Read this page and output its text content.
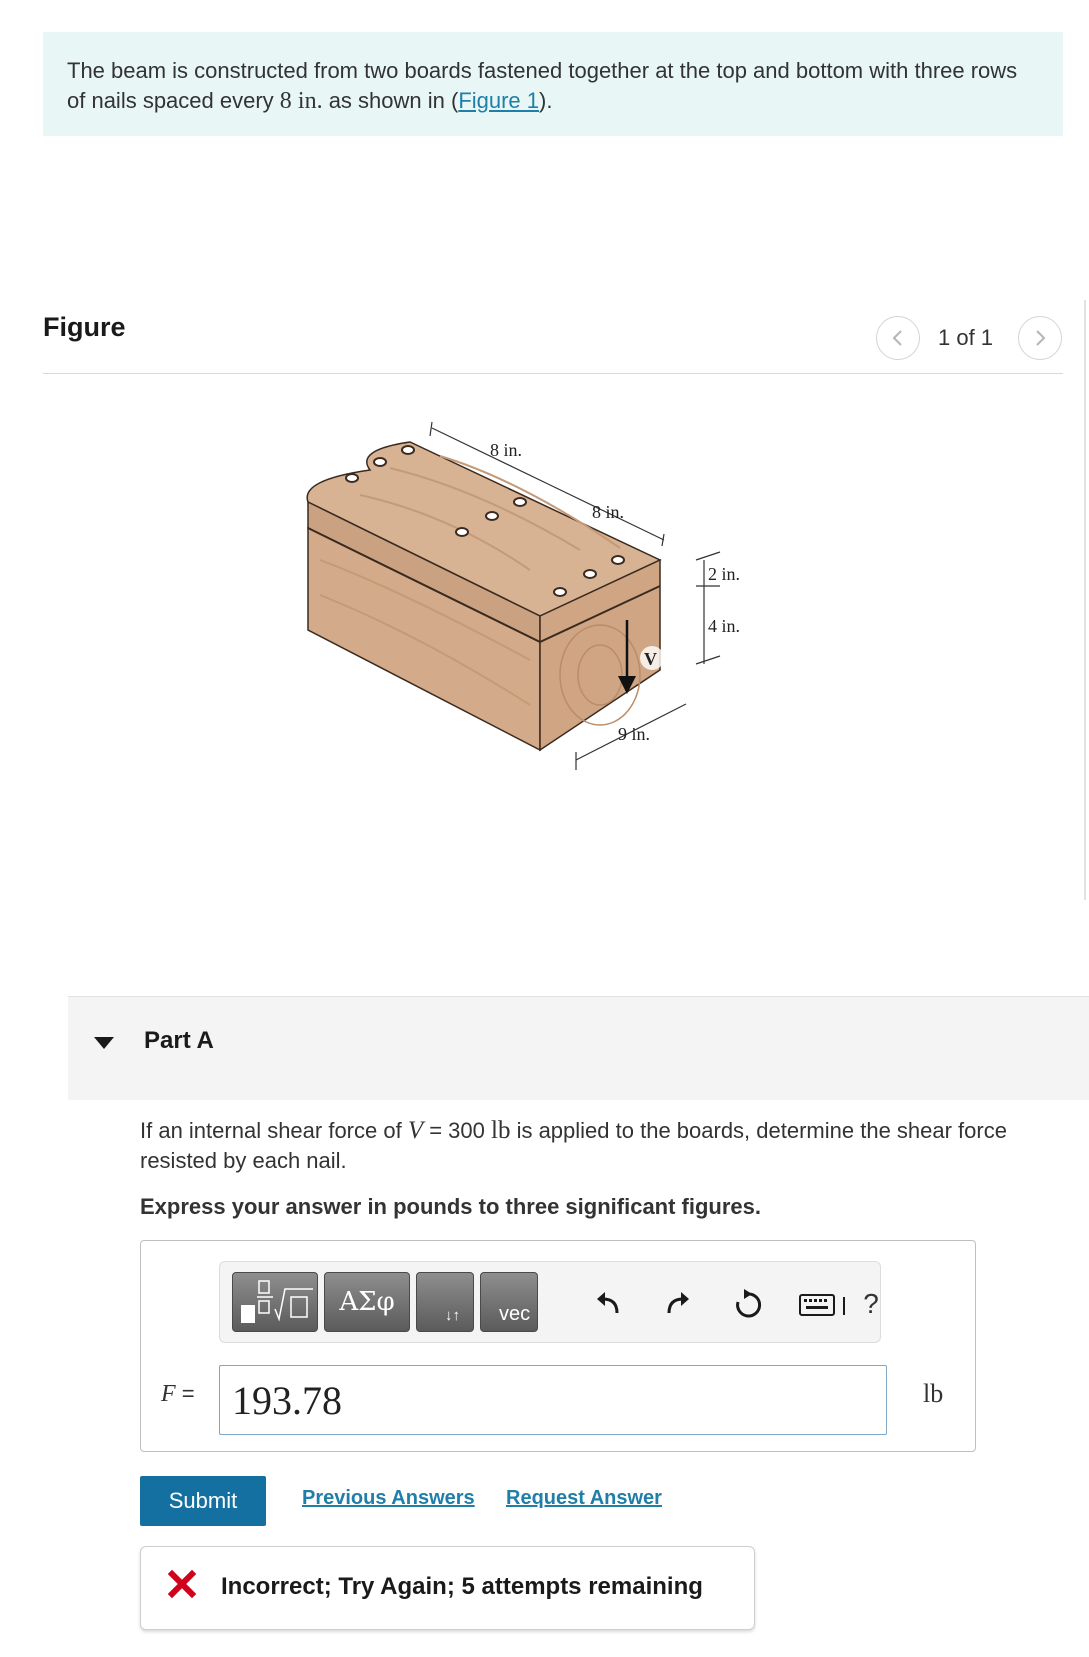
The beam is constructed from two boards fastened together at the top and bottom with three rows of nails spaced every 8 in. as shown in (Figure 1).
Figure	1 of 1
8 in.
8 in.
2 in.
4 in.
9 in.
V
Part A
If an internal shear force of V = 300 lb is applied to the boards, determine the shear force resisted by each nail.
Express your answer in pounds to three significant figures.
ΑΣφ	↓↑ vec	?
F =
193.78	lb
Submit	Previous Answers Request Answer
Incorrect; Try Again; 5 attempts remaining
